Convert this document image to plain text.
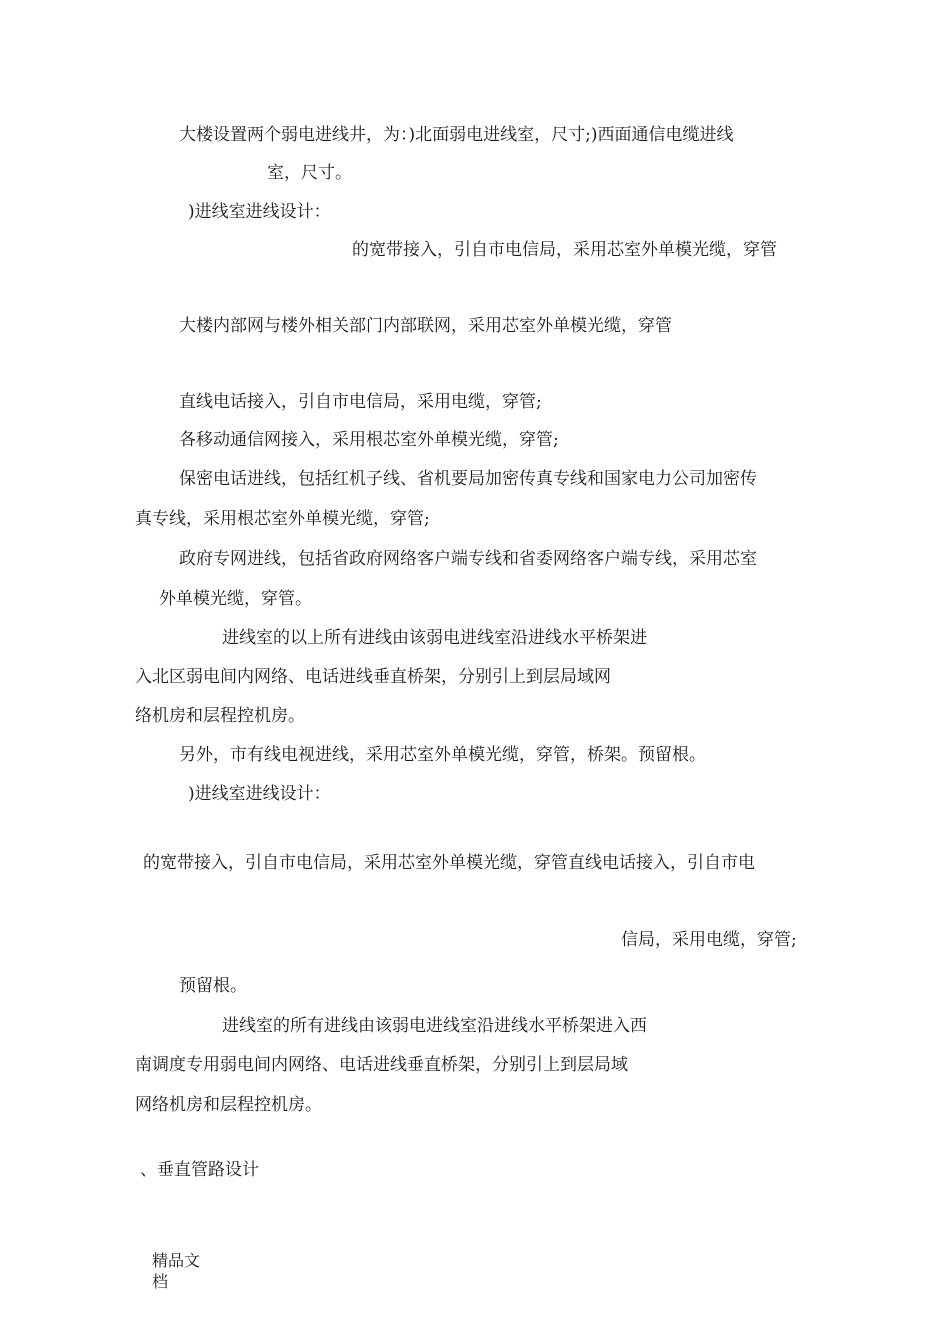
大楼设置两个弱电进线井，为：)北面弱电进线室，尺寸;)西面通信电缆进线

室，尺寸。

)进线室进线设计：

的宽带接入，引自市电信局，采用芯室外单模光缆，穿管

大楼内部网与楼外相关部门内部联网，采用芯室外单模光缆，穿管

直线电话接入，引自市电信局，采用电缆，穿管;

各移动通信网接入，采用根芯室外单模光缆，穿管;

保密电话进线，包括红机子线、省机要局加密传真专线和国家电力公司加密传

真专线，采用根芯室外单模光缆，穿管;

政府专网进线，包括省政府网络客户端专线和省委网络客户端专线，采用芯室

外单模光缆，穿管。

进线室的以上所有进线由该弱电进线室沿进线水平桥架进

入北区弱电间内网络、电话进线垂直桥架，分别引上到层局域网

络机房和层程控机房。

另外，市有线电视进线，采用芯室外单模光缆，穿管，桥架。预留根。

)进线室进线设计：

的宽带接入，引自市电信局，采用芯室外单模光缆，穿管直线电话接入，引自市电

信局，采用电缆，穿管;

预留根。

进线室的所有进线由该弱电进线室沿进线水平桥架进入西

南调度专用弱电间内网络、电话进线垂直桥架，分别引上到层局域

网络机房和层程控机房。

、垂直管路设计

精品文

档
